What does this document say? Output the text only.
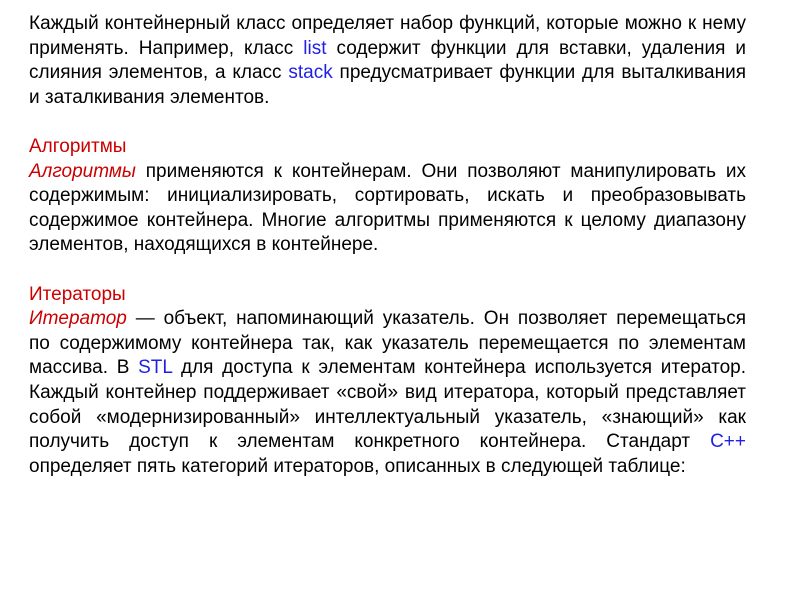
Каждый контейнерный класс определяет набор функций, которые можно к нему применять. Например, класс list содержит функции для вставки, удаления и слияния элементов, а класс stack предусматривает функции для выталкивания и заталкивания элементов.

Алгоритмы

Алгоритмы применяются к контейнерам. Они позволяют манипулировать их содержимым: инициализировать, сортировать, искать и преобразовывать содержимое контейнера. Многие алгоритмы применяются к целому диапазону элементов, находящихся в контейнере.

Итераторы

Итератор — объект, напоминающий указатель. Он позволяет перемещаться по содержимому контейнера так, как указатель перемещается по элементам массива. В STL для доступа к элементам контейнера используется итератор. Каждый контейнер поддерживает «свой» вид итератора, который представляет собой «модернизированный» интеллектуальный указатель, «знающий» как получить доступ к элементам конкретного контейнера. Стандарт C++ определяет пять категорий итераторов, описанных в следующей таблице:
